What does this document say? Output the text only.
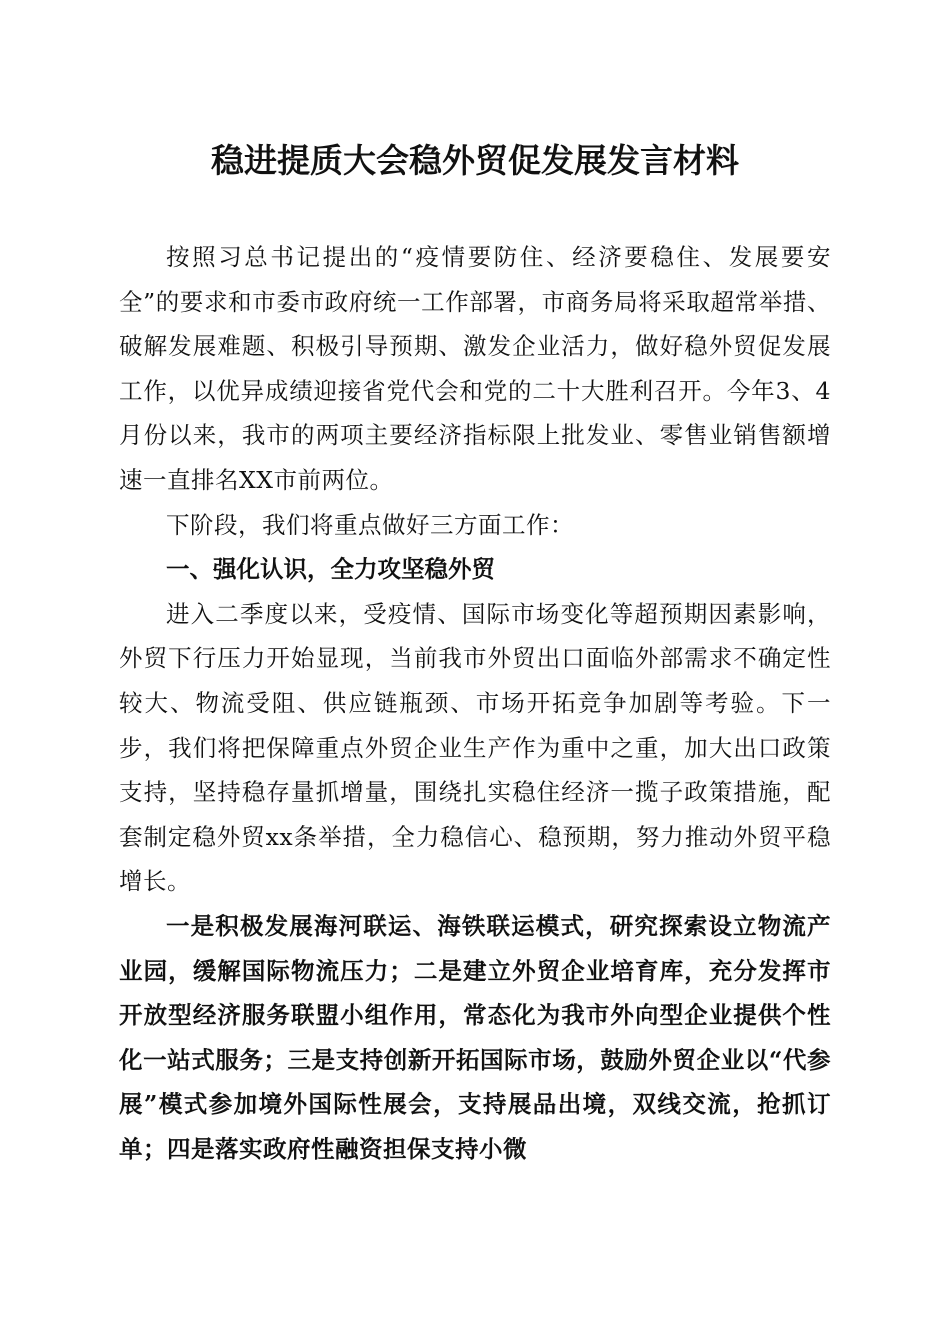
稳进提质大会稳外贸促发展发言材料

按照习总书记提出的“疫情要防住、经济要稳住、发展要安全”的要求和市委市政府统一工作部署，市商务局将采取超常举措、破解发展难题、积极引导预期、激发企业活力，做好稳外贸促发展工作，以优异成绩迎接省党代会和党的二十大胜利召开。今年3、4月份以来，我市的两项主要经济指标限上批发业、零售业销售额增速一直排名XX市前两位。

下阶段，我们将重点做好三方面工作：

一、强化认识，全力攻坚稳外贸

进入二季度以来，受疫情、国际市场变化等超预期因素影响，外贸下行压力开始显现，当前我市外贸出口面临外部需求不确定性较大、物流受阻、供应链瓶颈、市场开拓竞争加剧等考验。下一步，我们将把保障重点外贸企业生产作为重中之重，加大出口政策支持，坚持稳存量抓增量，围绕扎实稳住经济一揽子政策措施，配套制定稳外贸xx条举措，全力稳信心、稳预期，努力推动外贸平稳增长。

一是积极发展海河联运、海铁联运模式，研究探索设立物流产业园，缓解国际物流压力；二是建立外贸企业培育库，充分发挥市开放型经济服务联盟小组作用，常态化为我市外向型企业提供个性化一站式服务；三是支持创新开拓国际市场，鼓励外贸企业以“代参展”模式参加境外国际性展会，支持展品出境，双线交流，抢抓订单；四是落实政府性融资担保支持小微
